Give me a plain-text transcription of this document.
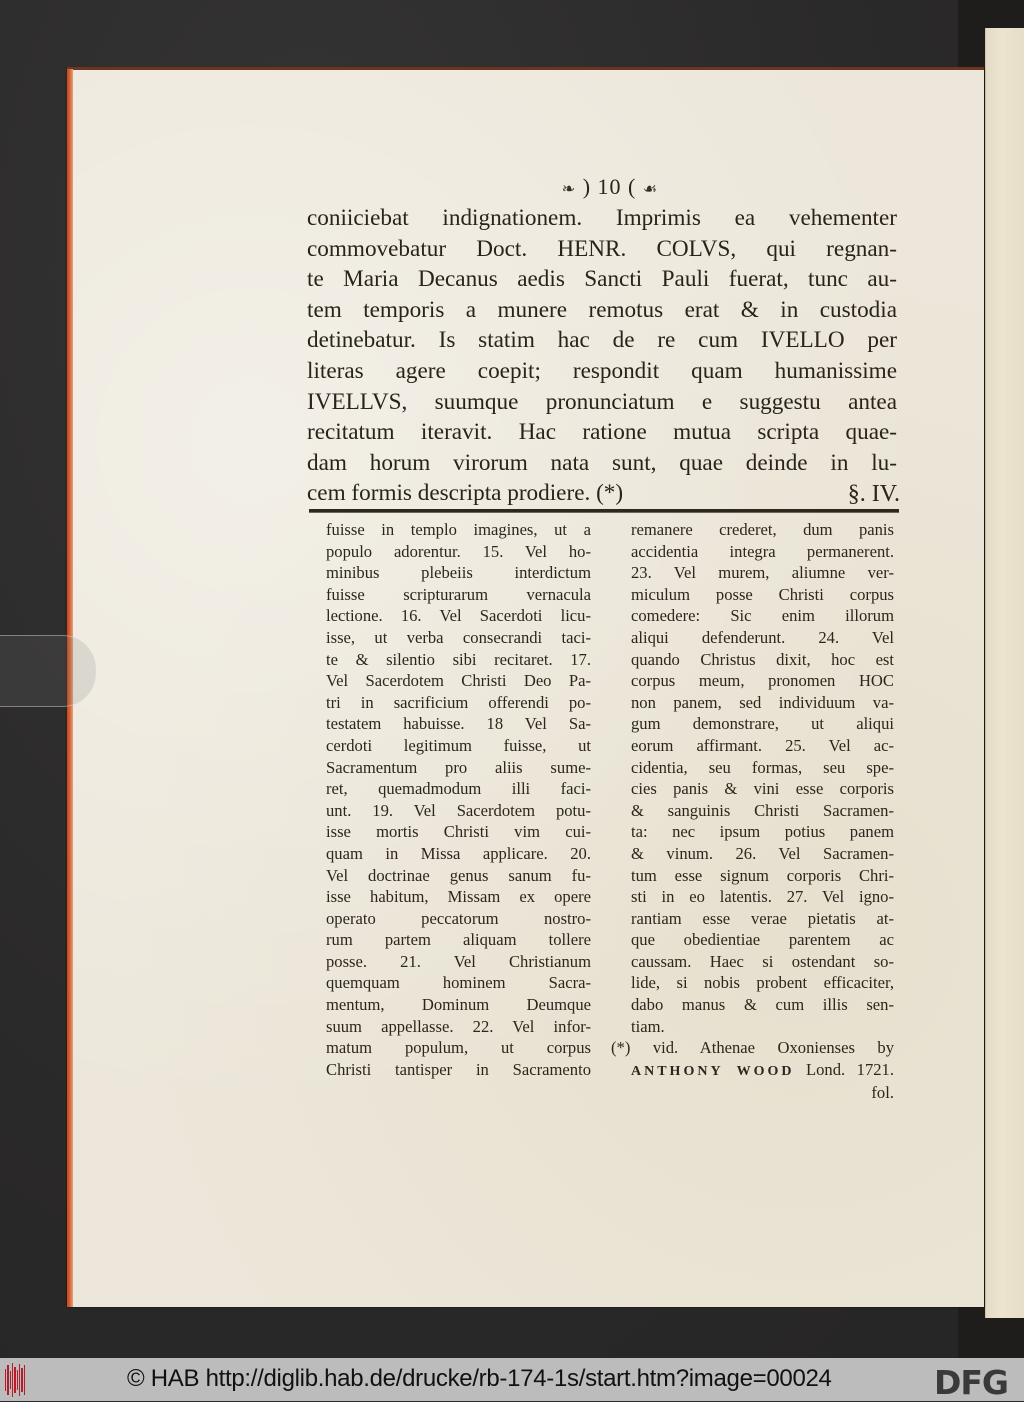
❧ ) 10 ( ☙
coniiciebat indignationem. Imprimis ea vehementer
commovebatur Doct. HENR. COLVS, qui regnan-
te Maria Decanus aedis Sancti Pauli fuerat, tunc au-
tem temporis a munere remotus erat & in custodia
detinebatur. Is statim hac de re cum IVELLO per
literas agere coepit; respondit quam humanissime
IVELLVS, suumque pronunciatum e suggestu antea
recitatum iteravit. Hac ratione mutua scripta quae-
dam horum virorum nata sunt, quae deinde in lu-
cem formis descripta prodiere. (*)	§. IV.
fuisse in templo imagines, ut a
populo adorentur. 15. Vel ho-
minibus plebeiis interdictum
fuisse scripturarum vernacula
lectione. 16. Vel Sacerdoti licu-
isse, ut verba consecrandi taci-
te & silentio sibi recitaret. 17.
Vel Sacerdotem Christi Deo Pa-
tri in sacrificium offerendi po-
testatem habuisse. 18 Vel Sa-
cerdoti legitimum fuisse, ut
Sacramentum pro aliis sume-
ret, quemadmodum illi faci-
unt. 19. Vel Sacerdotem potu-
isse mortis Christi vim cui-
quam in Missa applicare. 20.
Vel doctrinae genus sanum fu-
isse habitum, Missam ex opere
operato peccatorum nostro-
rum partem aliquam tollere
posse. 21. Vel Christianum
quemquam hominem Sacra-
mentum, Dominum Deumque
suum appellasse. 22. Vel infor-
matum populum, ut corpus
Christi tantisper in Sacramento
remanere crederet, dum panis
accidentia integra permanerent.
23. Vel murem, aliumne ver-
miculum posse Christi corpus
comedere: Sic enim illorum
aliqui defenderunt. 24. Vel
quando Christus dixit, hoc est
corpus meum, pronomen HOC
non panem, sed individuum va-
gum demonstrare, ut aliqui
eorum affirmant. 25. Vel ac-
cidentia, seu formas, seu spe-
cies panis & vini esse corporis
& sanguinis Christi Sacramen-
ta: nec ipsum potius panem
& vinum. 26. Vel Sacramen-
tum esse signum corporis Chri-
sti in eo latentis. 27. Vel igno-
rantiam esse verae pietatis at-
que obedientiae parentem ac
caussam. Haec si ostendant so-
lide, si nobis probent efficaciter,
dabo manus & cum illis sen-
tiam.
(*) vid. Athenae Oxonienses by
ANTHONY WOOD Lond. 1721.
fol.
© HAB http://diglib.hab.de/drucke/rb-174-1s/start.htm?image=00024	DFG
